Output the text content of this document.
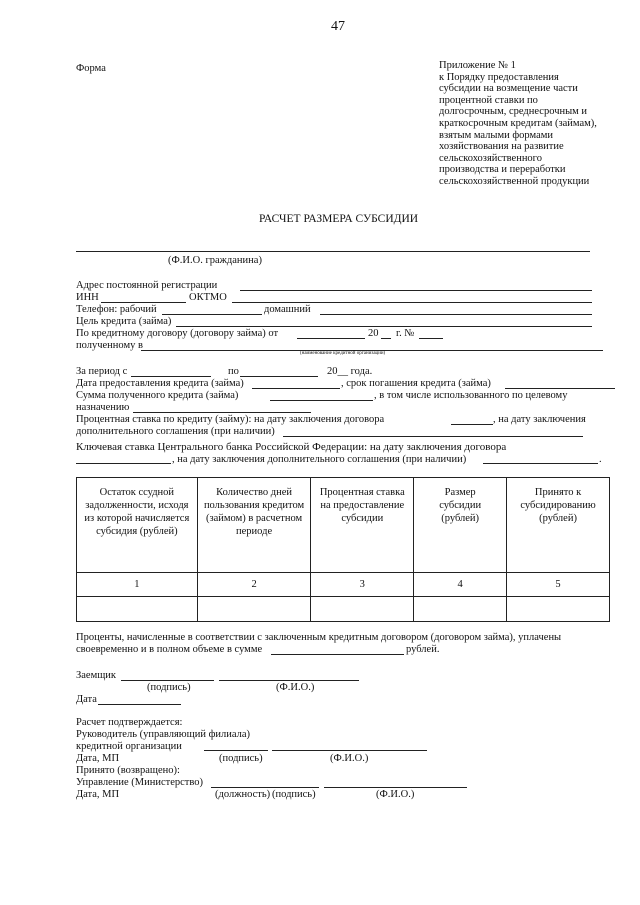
47
Форма	Приложение № 1
к Порядку предоставления
субсидии на возмещение части
процентной ставки по
долгосрочным, среднесрочным и
краткосрочным кредитам (займам),
взятым малыми формами
хозяйствования на развитие
сельскохозяйственного
производства и переработки
сельскохозяйственной продукции
РАСЧЕТ РАЗМЕРА СУБСИДИИ
(Ф.И.О. гражданина)
Адрес постоянной регистрации
ИНН	ОКТМО
Телефон: рабочий	домашний
Цель кредита (займа)
По кредитному договору (договору займа) от	20 г. №
полученному в
(наименование кредитной организации)
За период с	по	20__ года.
Дата предоставления кредита (займа)	, срок погашения кредита (займа)
Сумма полученного кредита (займа)	, в том числе использованного по целевому
назначению
Процентная ставка по кредиту (займу): на дату заключения договора	, на дату заключения
дополнительного соглашения (при наличии)
Ключевая ставка Центрального банка Российской Федерации: на дату заключения договора
, на дату заключения дополнительного соглашения (при наличии)	.
Остаток ссудной задолженности, исходя из которой начисляется субсидия (рублей)	Количество дней пользования кредитом (займом) в расчетном периоде	Процентная ставка на предоставление субсидии	Размер субсидии (рублей)	Принято к субсидированию (рублей)
1	2	3	4	5

Проценты, начисленные в соответствии с заключенным кредитным договором (договором займа), уплачены
своевременно и в полном объеме в сумме	рублей.
Заемщик
(подпись)	(Ф.И.О.)
Дата
Расчет подтверждается:
Руководитель (управляющий филиала)
кредитной организации
Дата, МП	(подпись)	(Ф.И.О.)
Принято (возвращено):
Управление (Министерство)
Дата, МП	(должность) (подпись)	(Ф.И.О.)
